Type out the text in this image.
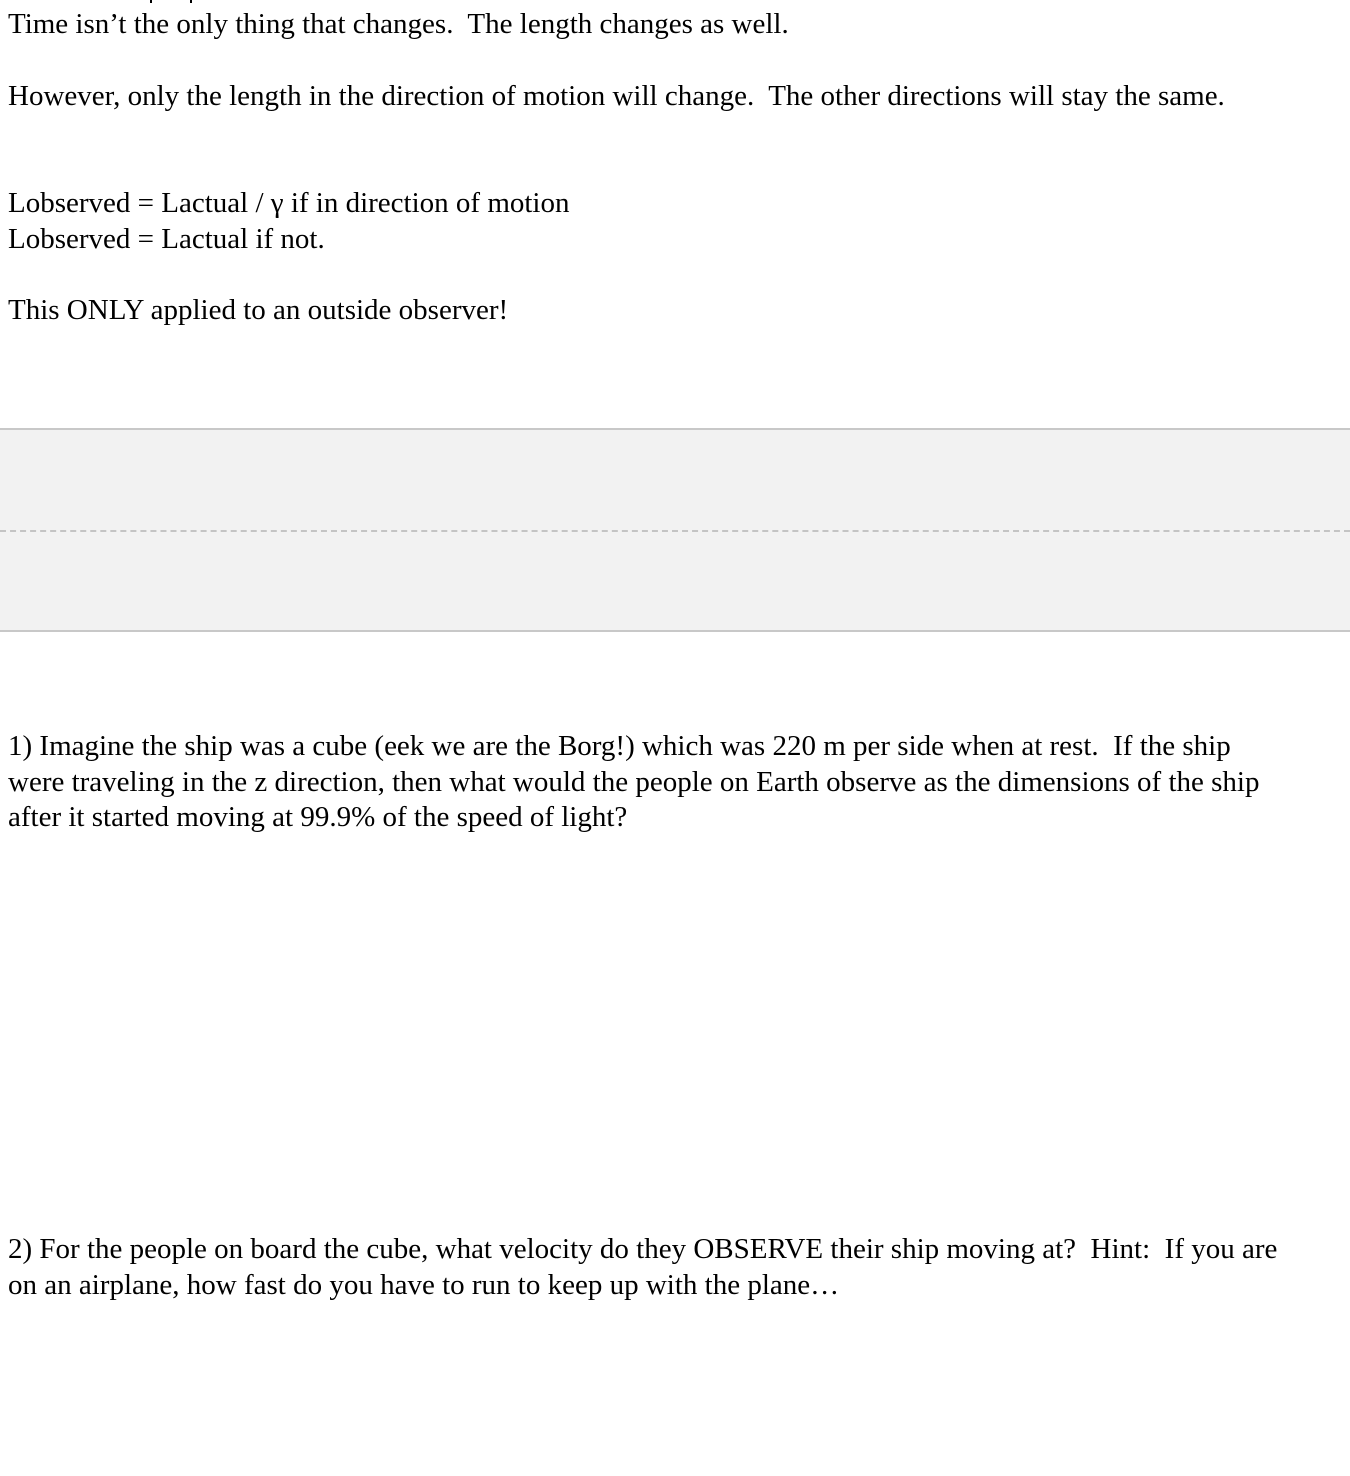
Time isn’t the only thing that changes.  The length changes as well.

However, only the length in the direction of motion will change.  The other directions will stay the same.

Lobserved = Lactual / γ if in direction of motion

Lobserved = Lactual if not.

This ONLY applied to an outside observer!

1) Imagine the ship was a cube (eek we are the Borg!) which was 220 m per side when at rest.  If the ship were traveling in the z direction, then what would the people on Earth observe as the dimensions of the ship after it started moving at 99.9% of the speed of light?

2) For the people on board the cube, what velocity do they OBSERVE their ship moving at?  Hint:  If you are on an airplane, how fast do you have to run to keep up with the plane…
